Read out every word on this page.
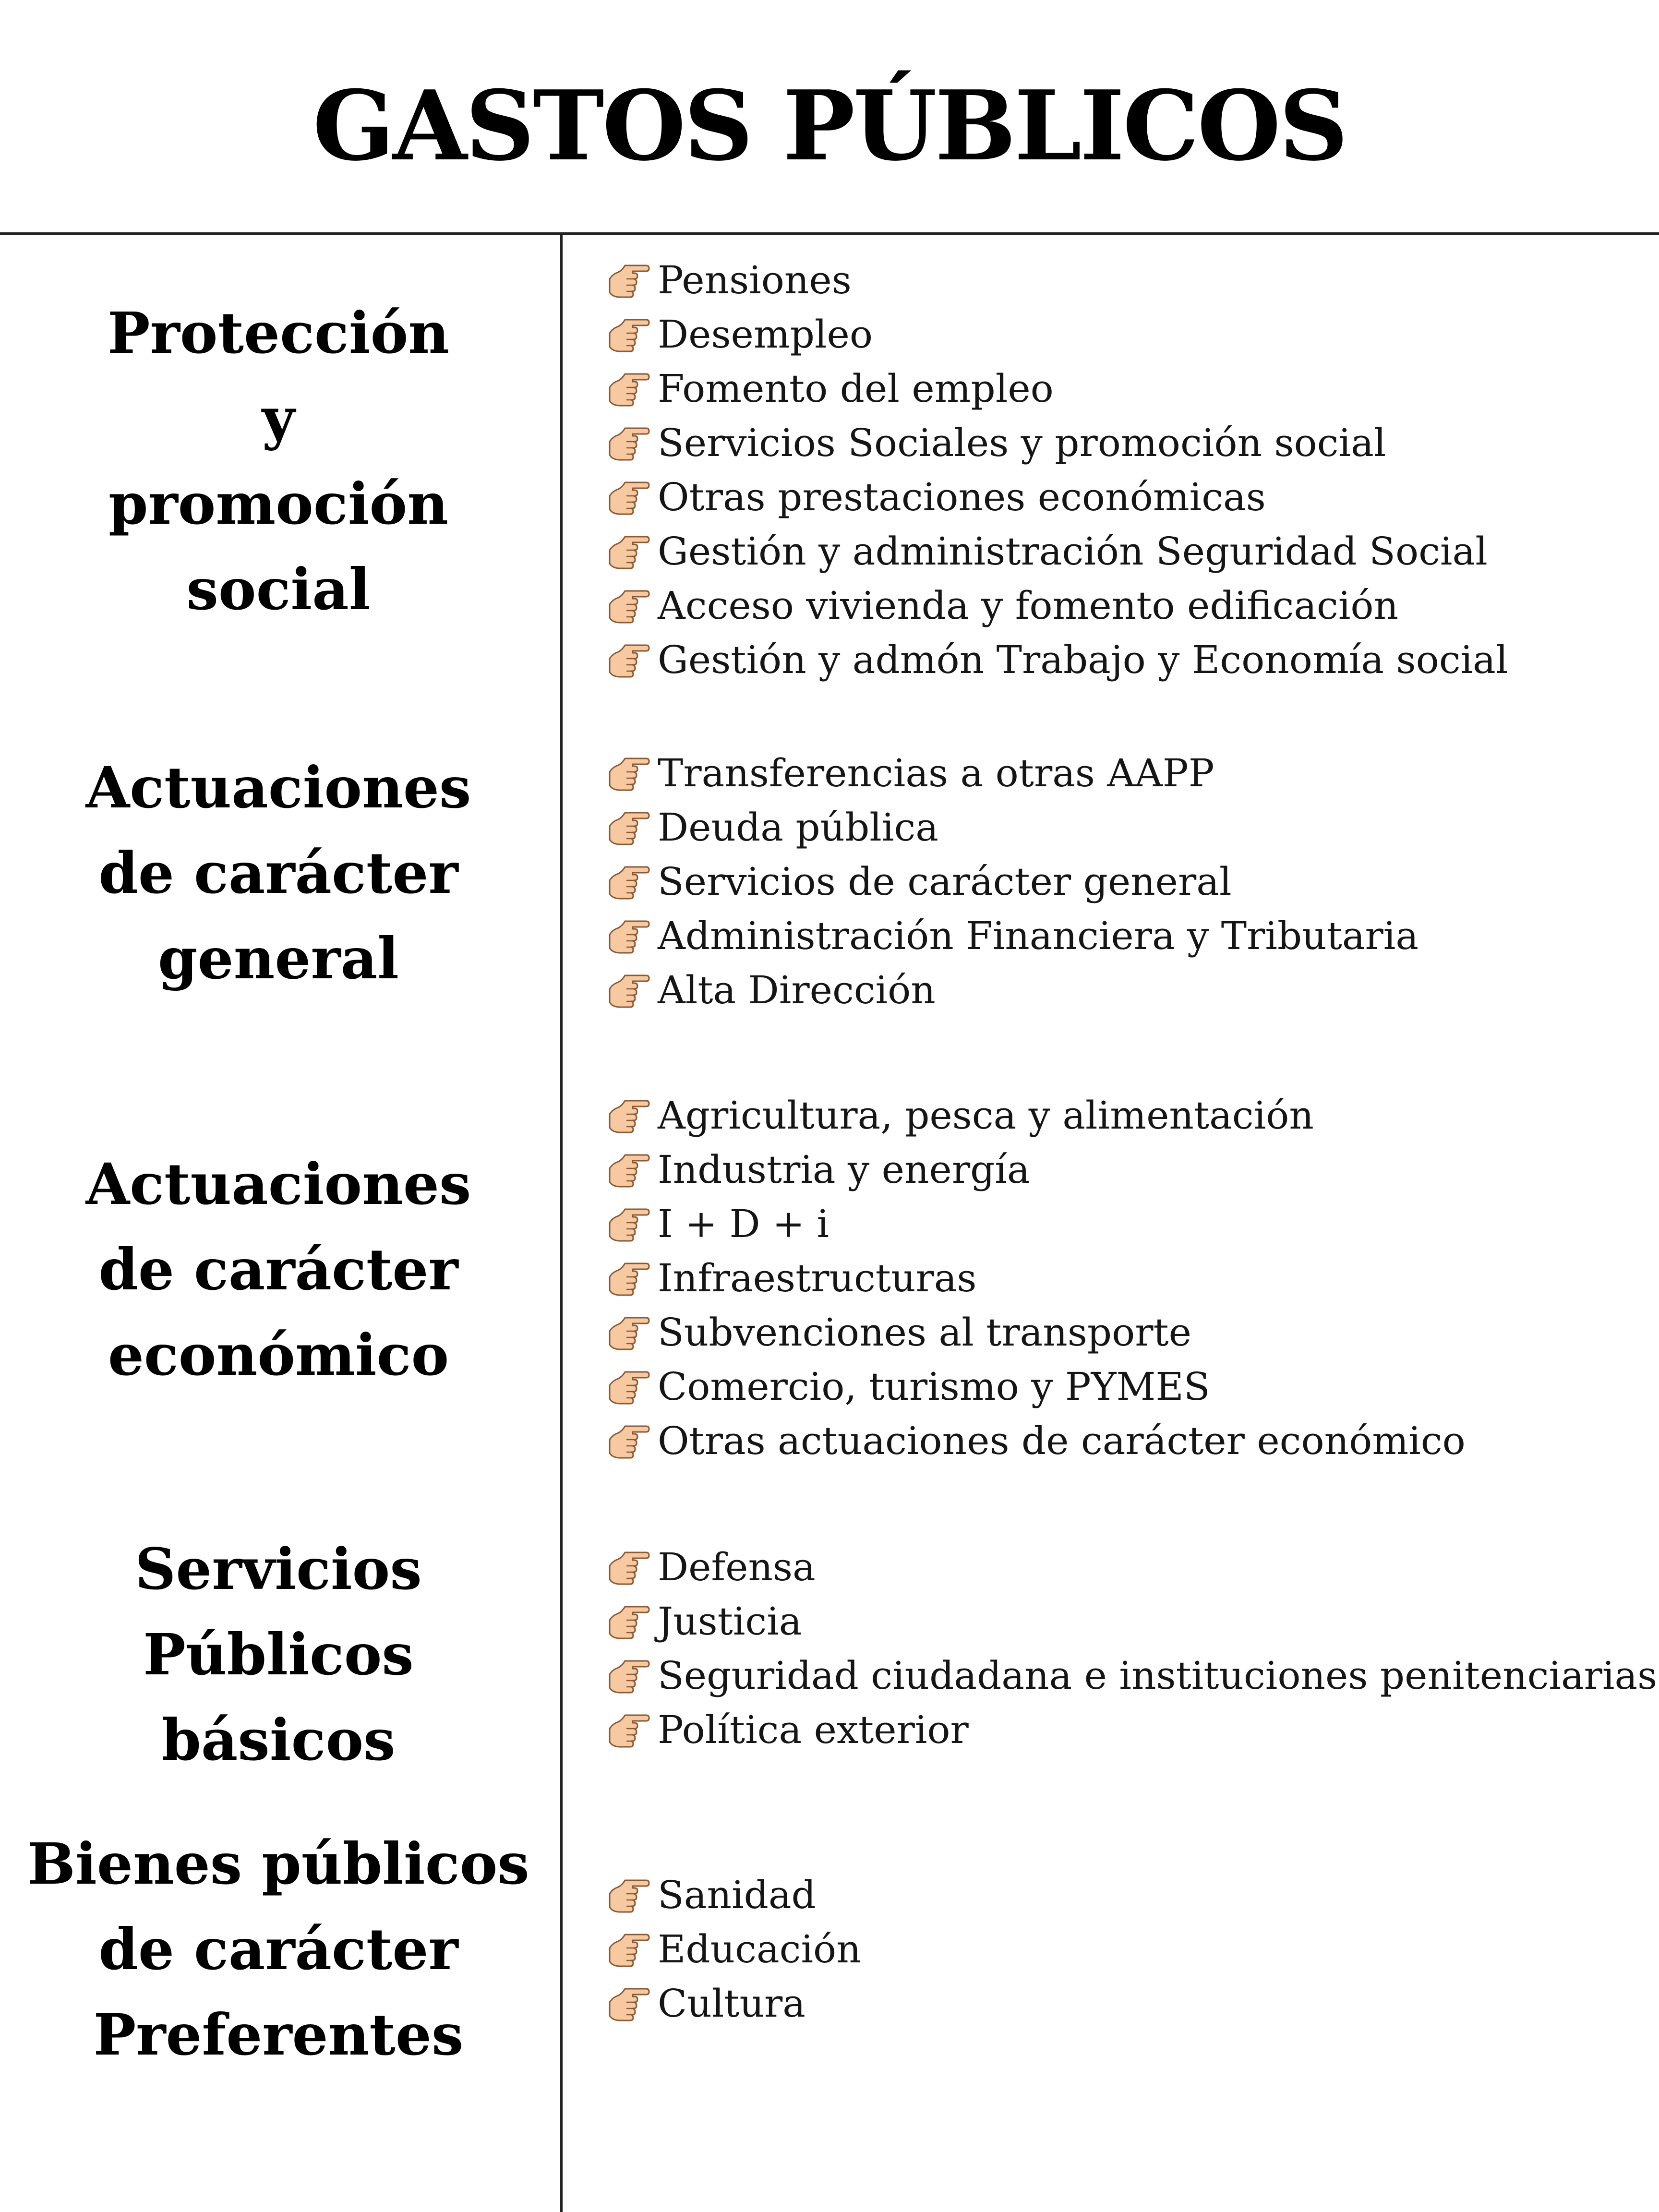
GASTOS PÚBLICOS
Protección
y
promoción
social
Pensiones
Desempleo
Fomento del empleo
Servicios Sociales y promoción social
Otras prestaciones económicas
Gestión y administración Seguridad Social
Acceso vivienda y fomento edificación
Gestión y admón Trabajo y Economía social
Actuaciones
de carácter
general
Transferencias a otras AAPP
Deuda pública
Servicios de carácter general
Administración Financiera y Tributaria
Alta Dirección
Actuaciones
de carácter
económico
Agricultura, pesca y alimentación
Industria y energía
I + D + i
Infraestructuras
Subvenciones al transporte
Comercio, turismo y PYMES
Otras actuaciones de carácter económico
Servicios
Públicos
básicos
Defensa
Justicia
Seguridad ciudadana e instituciones penitenciarias
Política exterior
Bienes públicos
de carácter
Preferentes
Sanidad
Educación
Cultura
